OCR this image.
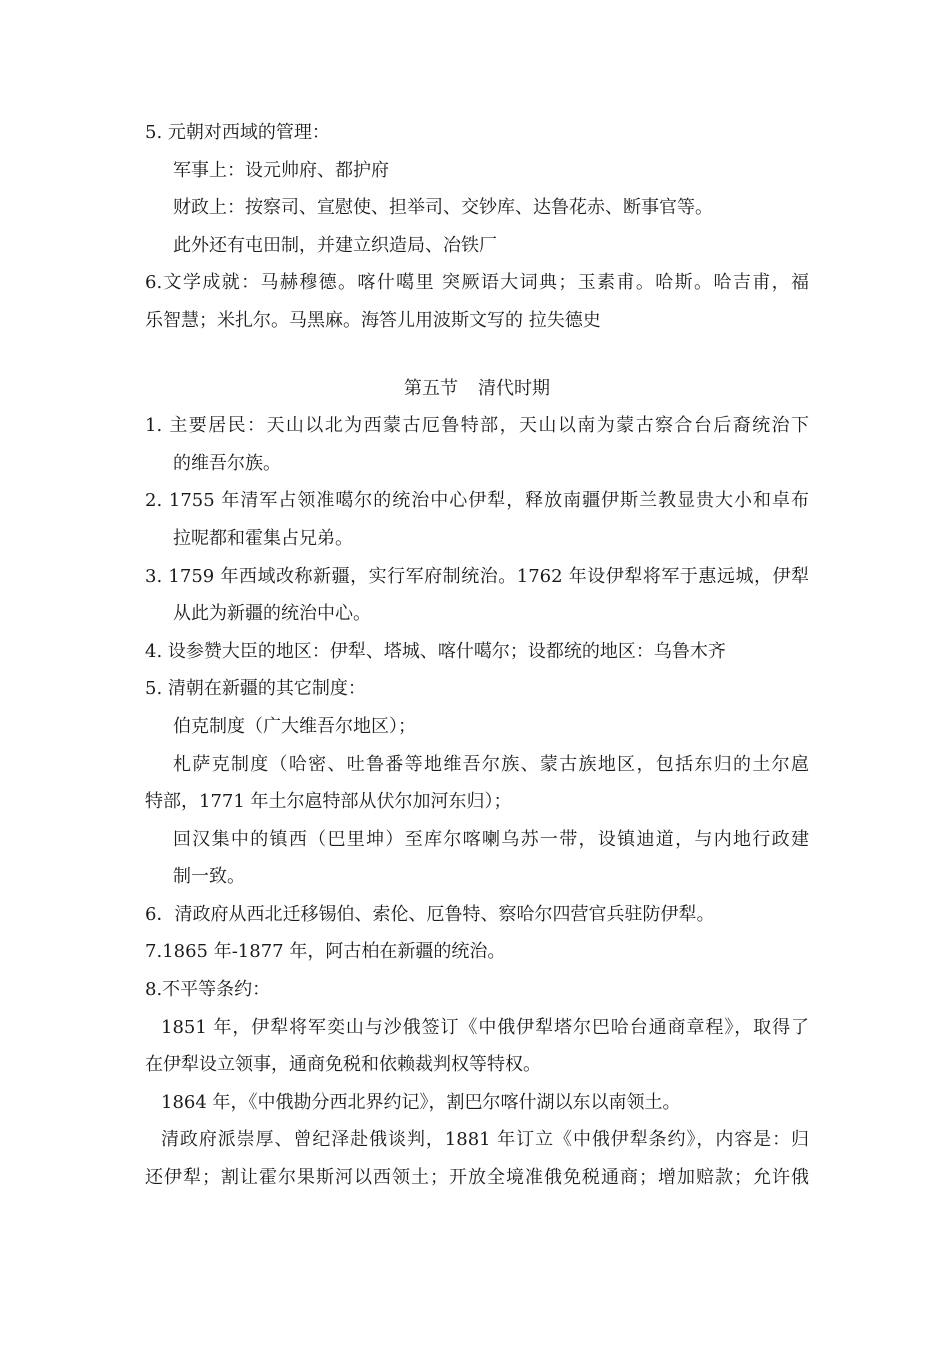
5. 元朝对西域的管理：
军事上：设元帅府、都护府
财政上：按察司、宣慰使、担举司、交钞库、达鲁花赤、断事官等。
此外还有屯田制，并建立织造局、冶铁厂
6.文学成就：马赫穆德。喀什噶里 突厥语大词典；玉素甫。哈斯。哈吉甫，福
乐智慧；米扎尔。马黑麻。海答儿用波斯文写的 拉失德史
第五节 清代时期
1. 主要居民：天山以北为西蒙古厄鲁特部，天山以南为蒙古察合台后裔统治下
的维吾尔族。
2. 1755 年清军占领准噶尔的统治中心伊犁，释放南疆伊斯兰教显贵大小和卓布
拉呢都和霍集占兄弟。
3. 1759 年西域改称新疆，实行军府制统治。1762 年设伊犁将军于惠远城，伊犁
从此为新疆的统治中心。
4. 设参赞大臣的地区：伊犁、塔城、喀什噶尔；设都统的地区：乌鲁木齐
5. 清朝在新疆的其它制度：
伯克制度（广大维吾尔地区）；
札萨克制度（哈密、吐鲁番等地维吾尔族、蒙古族地区，包括东归的土尔扈
特部，1771 年土尔扈特部从伏尔加河东归）；
回汉集中的镇西（巴里坤）至库尔喀喇乌苏一带，设镇迪道，与内地行政建
制一致。
6．清政府从西北迁移锡伯、索伦、厄鲁特、察哈尔四营官兵驻防伊犁。
7.1865 年-1877 年，阿古柏在新疆的统治。
8.不平等条约：
1851 年，伊犁将军奕山与沙俄签订《中俄伊犁塔尔巴哈台通商章程》，取得了
在伊犁设立领事，通商免税和依赖裁判权等特权。
1864 年，《中俄勘分西北界约记》，割巴尔喀什湖以东以南领土。
清政府派崇厚、曾纪泽赴俄谈判，1881 年订立《中俄伊犁条约》，内容是：归
还伊犁；割让霍尔果斯河以西领土；开放全境准俄免税通商；增加赔款；允许俄
